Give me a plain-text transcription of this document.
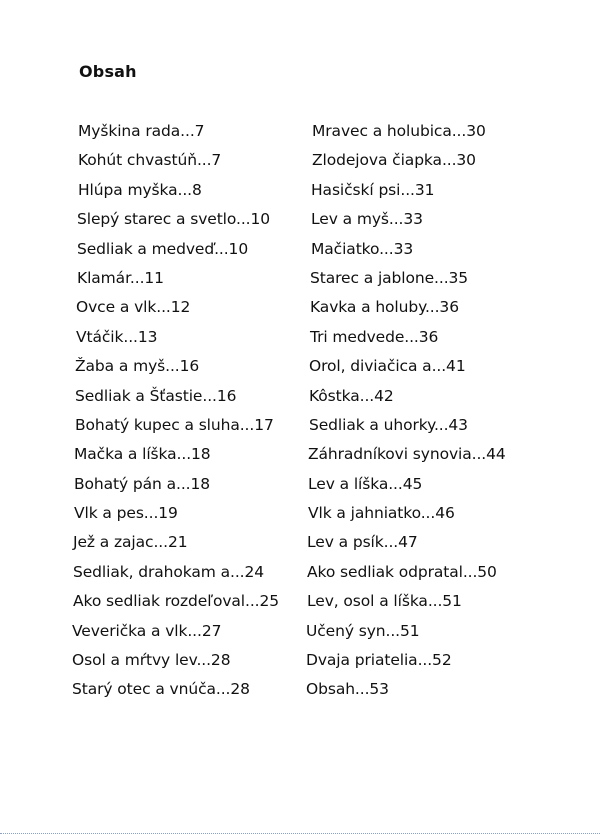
Obsah
Myškina rada...7
Kohút chvastúň...7
Hlúpa myška...8
Slepý starec a svetlo...10
Sedliak a medveď...10
Klamár...11
Ovce a vlk...12
Vtáčik...13
Žaba a myš...16
Sedliak a Šťastie...16
Bohatý kupec a sluha...17
Mačka a líška...18
Bohatý pán a...18
Vlk a pes...19
Jež a zajac...21
Sedliak, drahokam a...24
Ako sedliak rozdeľoval...25
Veverička a vlk...27
Osol a mŕtvy lev...28
Starý otec a vnúča...28
Mravec a holubica...30
Zlodejova čiapka...30
Hasičskí psi...31
Lev a myš...33
Mačiatko...33
Starec a jablone...35
Kavka a holuby...36
Tri medvede...36
Orol, diviačica a...41
Kôstka...42
Sedliak a uhorky...43
Záhradníkovi synovia...44
Lev a líška...45
Vlk a jahniatko...46
Lev a psík...47
Ako sedliak odpratal...50
Lev, osol a líška...51
Učený syn...51
Dvaja priatelia...52
Obsah...53
